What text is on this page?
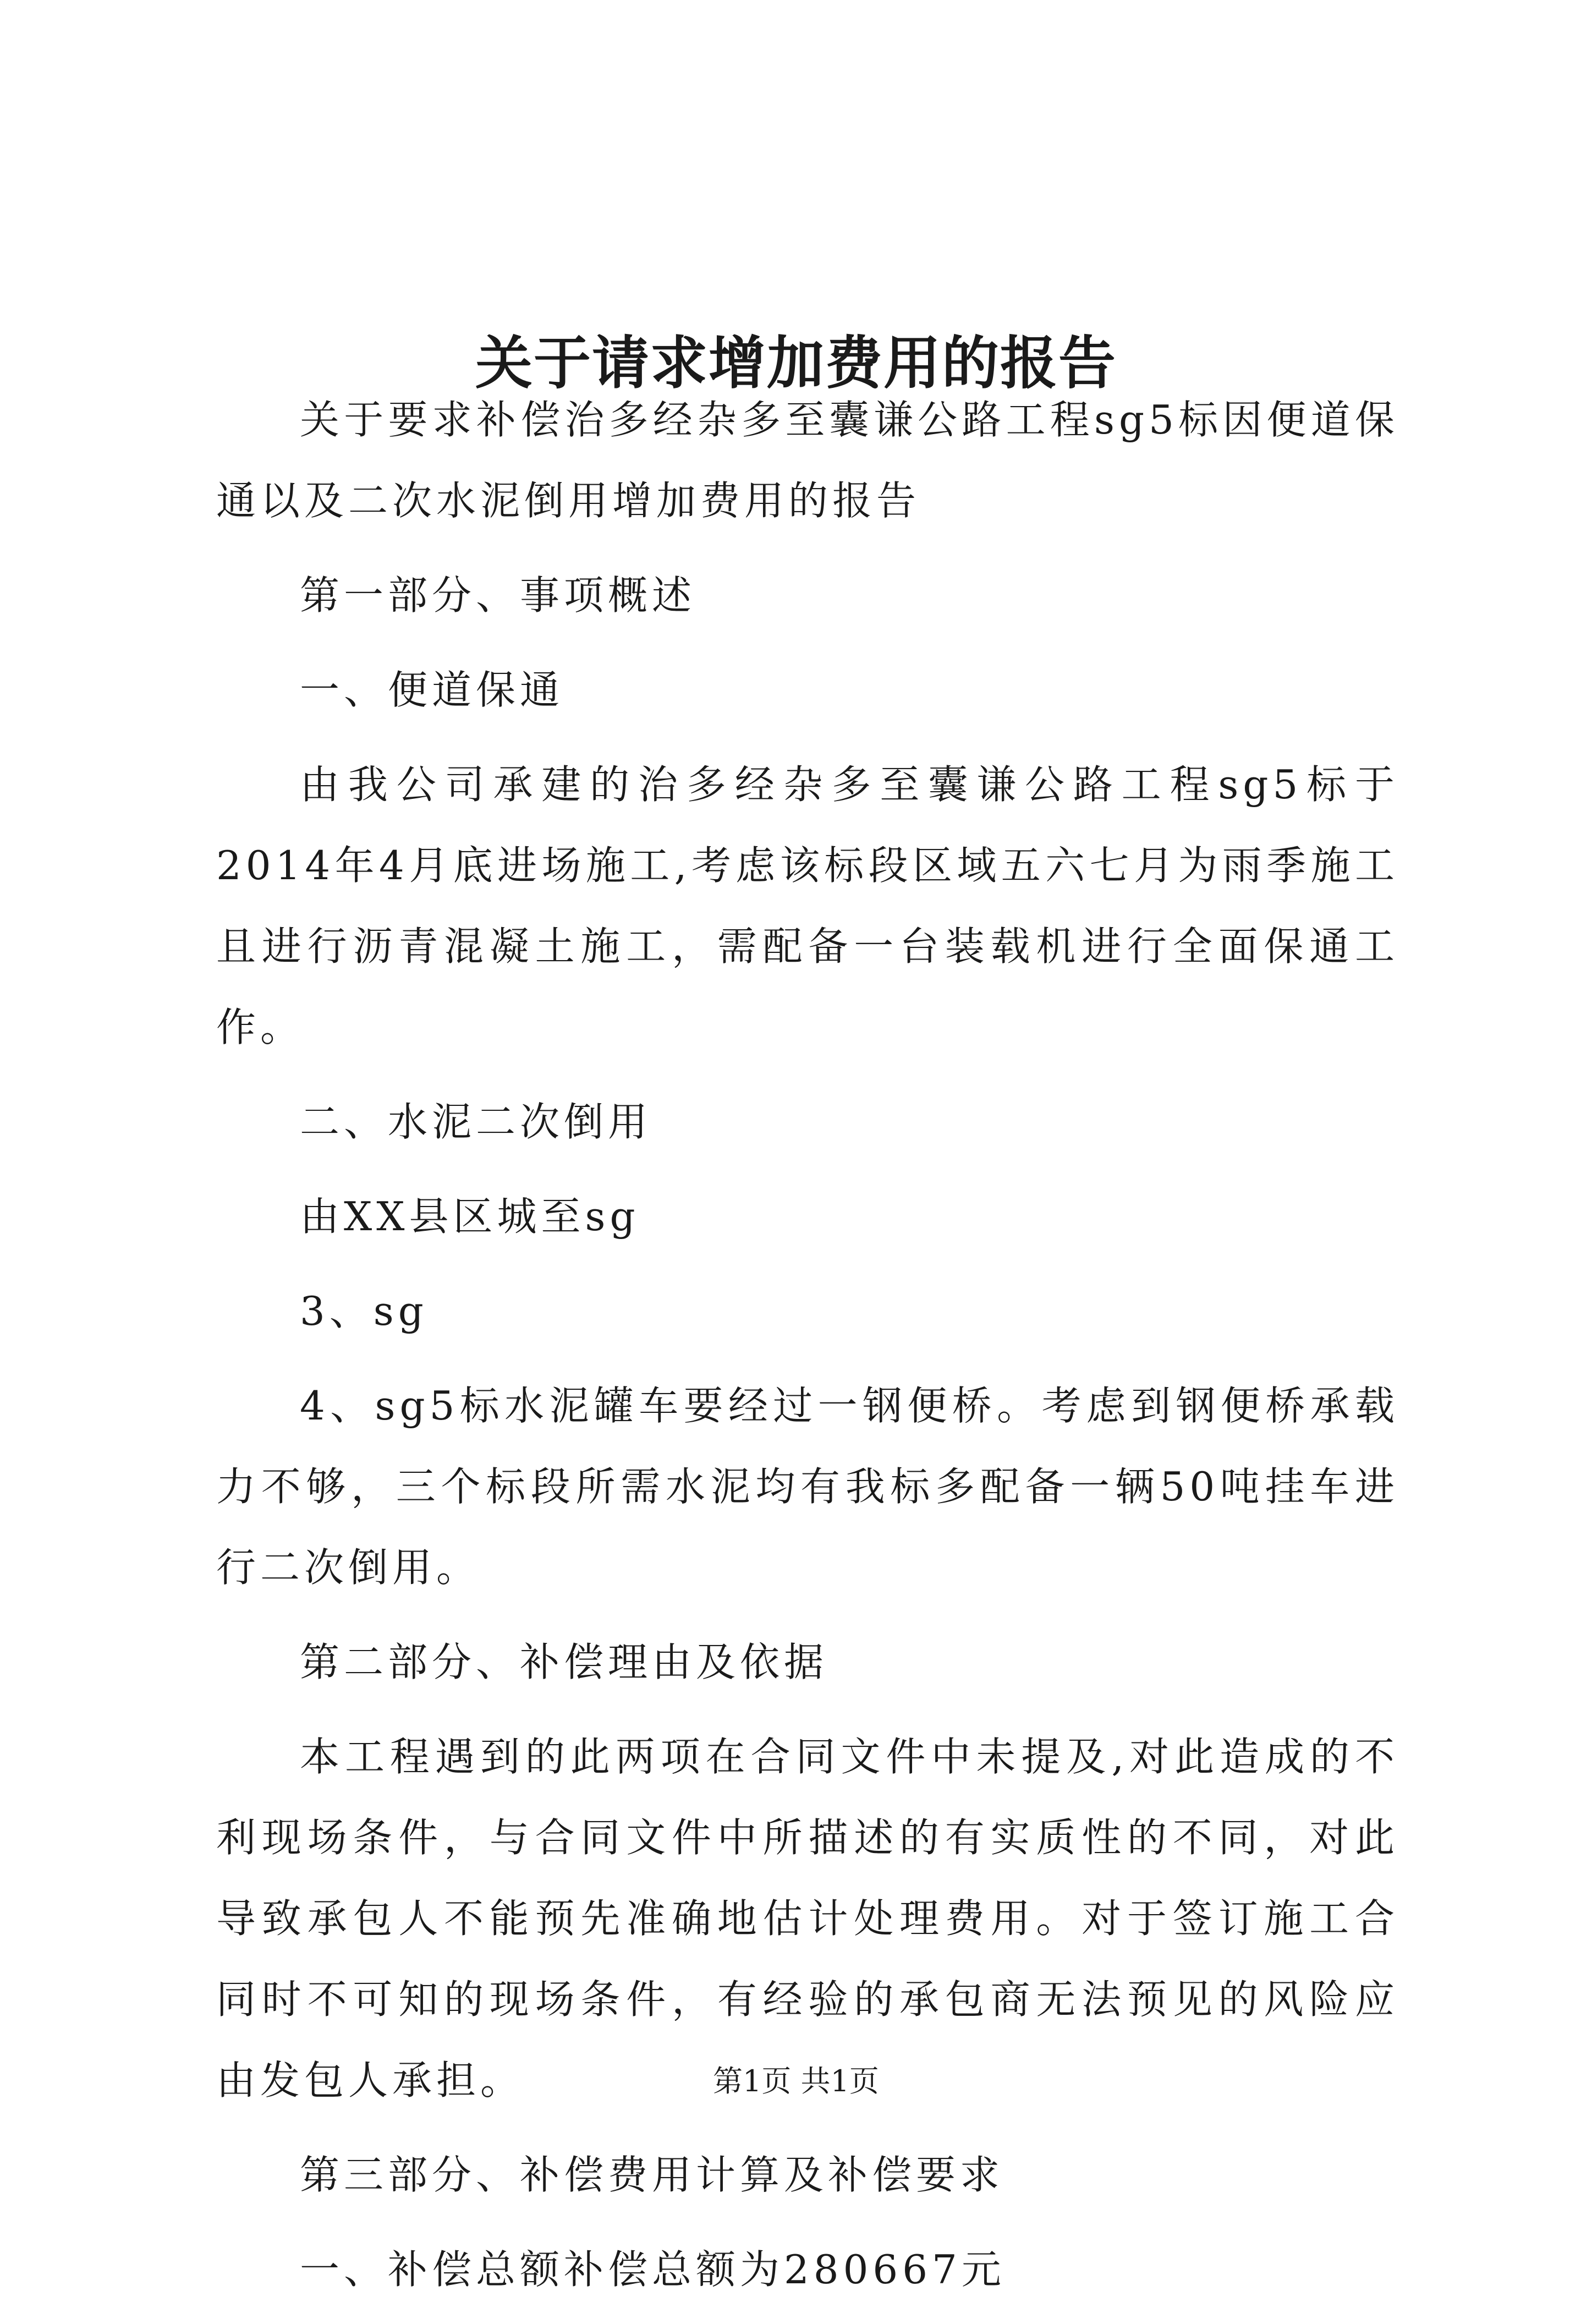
关于请求增加费用的报告

关于要求补偿治多经杂多至囊谦公路工程sg5标因便道保通以及二次水泥倒用增加费用的报告

第一部分、事项概述

一、便道保通

由我公司承建的治多经杂多至囊谦公路工程sg5标于2014年4月底进场施工,考虑该标段区域五六七月为雨季施工且进行沥青混凝土施工，需配备一台装载机进行全面保通工作。

二、水泥二次倒用

由XX县区城至sg

3、sg

4、sg5标水泥罐车要经过一钢便桥。考虑到钢便桥承载力不够，三个标段所需水泥均有我标多配备一辆50吨挂车进行二次倒用。

第二部分、补偿理由及依据

本工程遇到的此两项在合同文件中未提及,对此造成的不利现场条件，与合同文件中所描述的有实质性的不同，对此导致承包人不能预先准确地估计处理费用。对于签订施工合同时不可知的现场条件，有经验的承包商无法预见的风险应由发包人承担。

第三部分、补偿费用计算及补偿要求

一、补偿总额补偿总额为280667元

第1页 共1页
